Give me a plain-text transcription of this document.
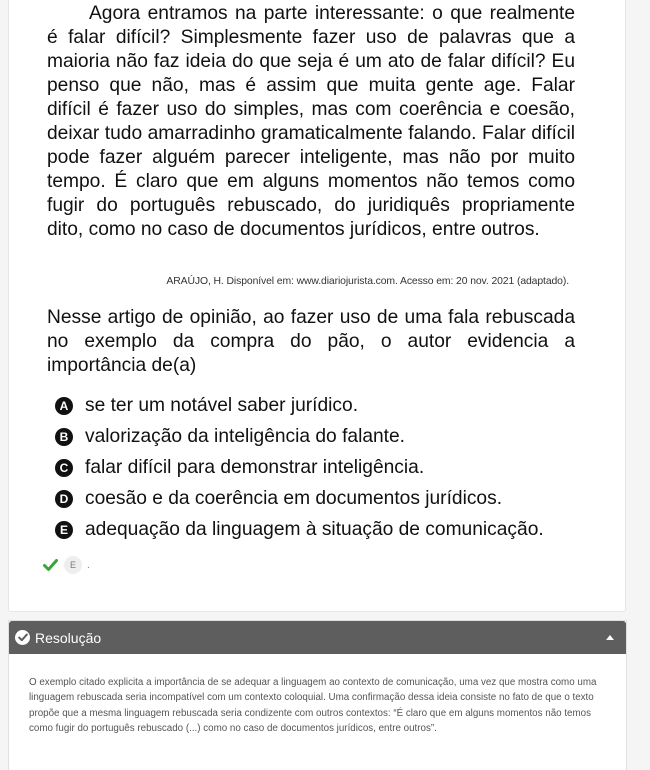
Agora entramos na parte interessante: o que realmente é falar difícil? Simplesmente fazer uso de palavras que a maioria não faz ideia do que seja é um ato de falar difícil? Eu penso que não, mas é assim que muita gente age. Falar difícil é fazer uso do simples, mas com coerência e coesão, deixar tudo amarradinho gramaticalmente falando. Falar difícil pode fazer alguém parecer inteligente, mas não por muito tempo. É claro que em alguns momentos não temos como fugir do português rebuscado, do juridiquês propriamente dito, como no caso de documentos jurídicos, entre outros.

ARAÚJO, H. Disponível em: www.diariojurista.com. Acesso em: 20 nov. 2021 (adaptado).

Nesse artigo de opinião, ao fazer uso de uma fala rebuscada no exemplo da compra do pão, o autor evidencia a importância de(a)

A se ter um notável saber jurídico.
B valorização da inteligência do falante.
C falar difícil para demonstrar inteligência.
D coesão e da coerência em documentos jurídicos.
E adequação da linguagem à situação de comunicação.
E	.
Resolução

O exemplo citado explicita a importância de se adequar a linguagem ao contexto de comunicação, uma vez que mostra como uma linguagem rebuscada seria incompatível com um contexto coloquial. Uma confirmação dessa ideia consiste no fato de que o texto propõe que a mesma linguagem rebuscada seria condizente com outros contextos: “É claro que em alguns momentos não temos como fugir do português rebuscado (...) como no caso de documentos jurídicos, entre outros”.
